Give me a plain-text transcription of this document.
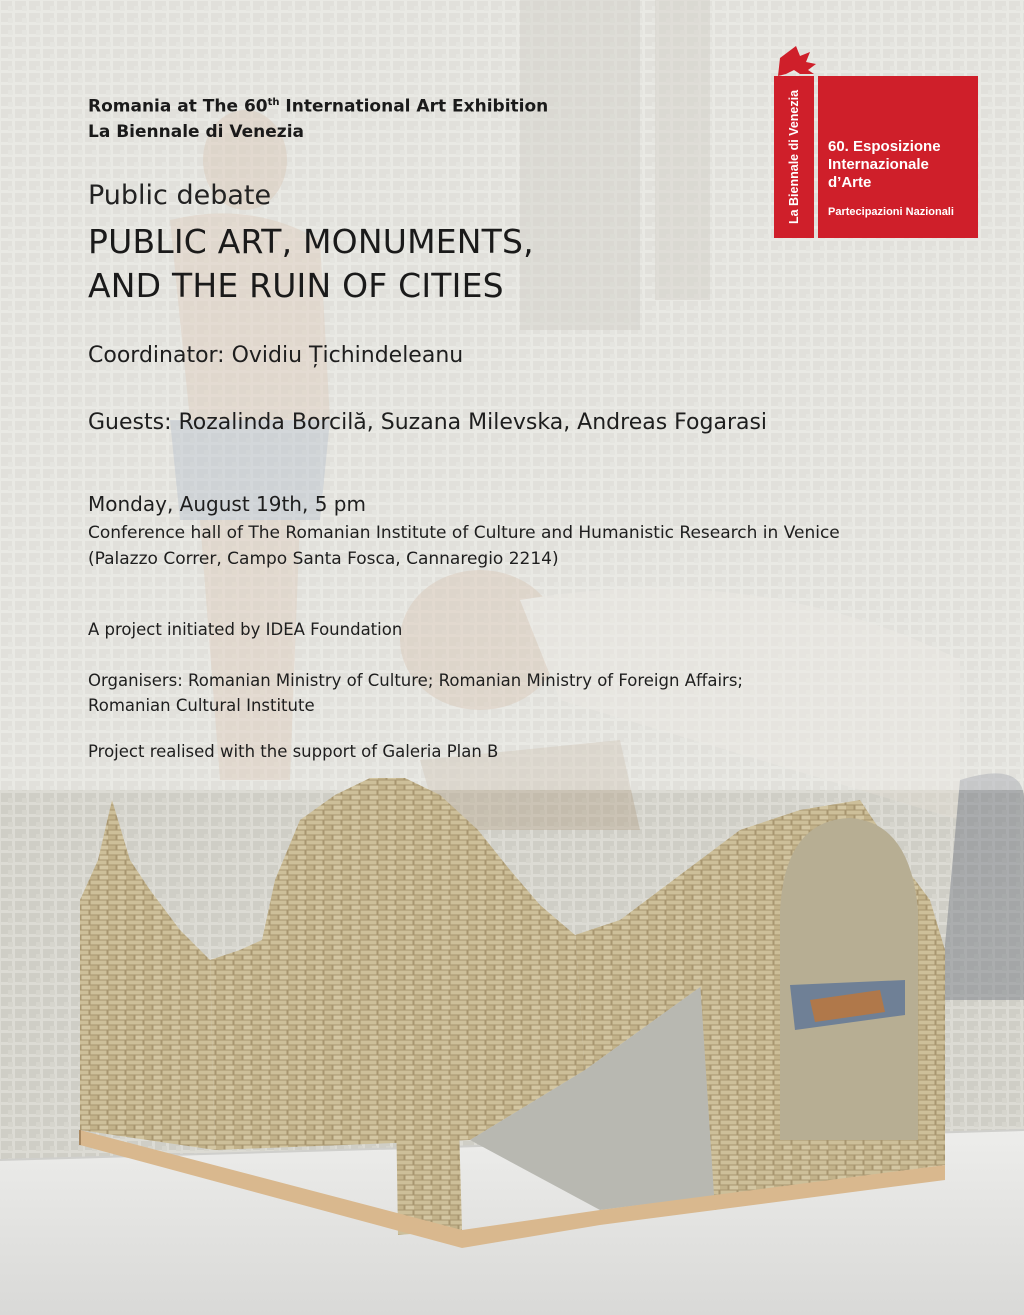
Romania at The 60th International Art Exhibition
La Biennale di Venezia
Public debate
PUBLIC ART, MONUMENTS,
AND THE RUIN OF CITIES
Coordinator: Ovidiu Țichindeleanu
Guests: Rozalinda Borcilă, Suzana Milevska, Andreas Fogarasi
Monday, August 19th, 5 pm
Conference hall of The Romanian Institute of Culture and Humanistic Research in Venice
(Palazzo Correr, Campo Santa Fosca, Cannaregio 2214)
A project initiated by IDEA Foundation
Organisers: Romanian Ministry of Culture; Romanian Ministry of Foreign Affairs;
Romanian Cultural Institute
Project realised with the support of Galeria Plan B
La Biennale di Venezia 60. Esposizione
Internazionale
d’Arte
Partecipazioni Nazionali
